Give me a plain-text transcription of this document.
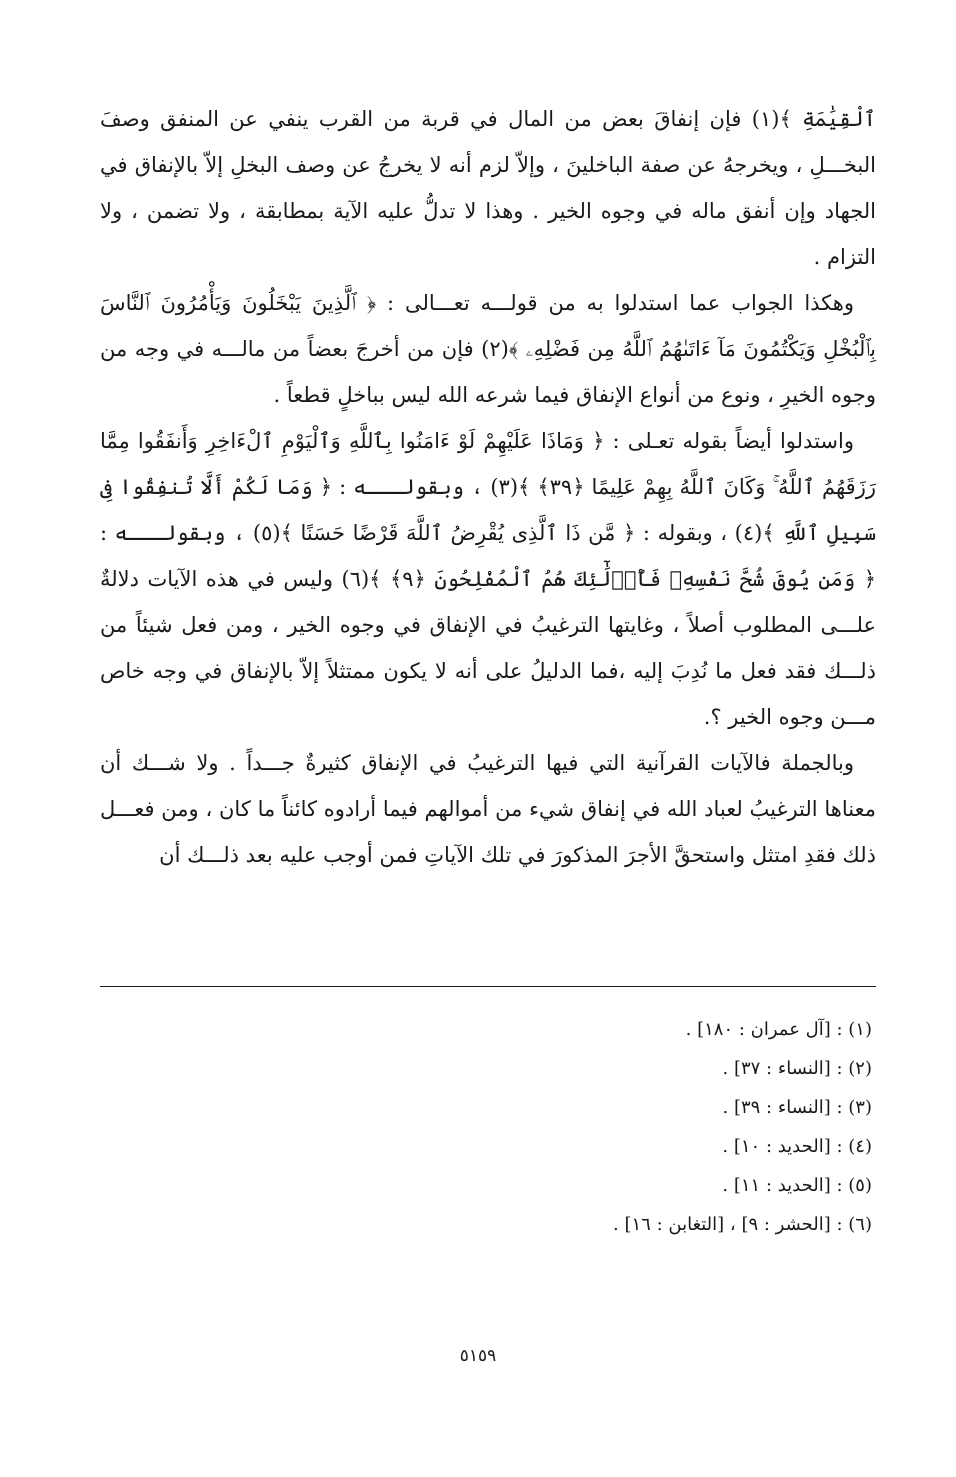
ٱلْقِيَٰمَةِ ﴾(١) فإن إنفاقَ بعض من المال في قربة من القرب ينفي عن المنفق وصفَ البخـــلِ ، ويخرجهُ عن صفة الباخلينَ ، وإلاّ لزم أنه لا يخرجُ عن وصف البخلِ إلاّ بالإنفاق في الجهاد وإن أنفق ماله في وجوه الخير . وهذا لا تدلُّ عليه الآية بمطابقة ، ولا تضمن ، ولا التزام .

وهكذا الجواب عما استدلوا به من قولـــه تعـــالى : ﴿ ٱلَّذِينَ يَبْخَلُونَ وَيَأْمُرُونَ ٱلنَّاسَ بِٱلْبُخْلِ وَيَكْتُمُونَ مَآ ءَاتَىٰهُمُ ٱللَّهُ مِن فَضْلِهِۦ ﴾(٢) فإن من أخرجَ بعضاً من مالـــه في وجه من وجوه الخيرِ ، ونوع من أنواع الإنفاق فيما شرعه الله ليس بباخلٍ قطعاً .

واستدلوا أيضاً بقوله تعـلى : ﴿ وَمَاذَا عَلَيْهِمْ لَوْ ءَامَنُوا بِٱللَّهِ وَٱلْيَوْمِ ٱلْءَاخِرِ وَأَنفَقُوا مِمَّا رَزَقَهُمُ ٱللَّهُ ۚ وَكَانَ ٱللَّهُ بِهِمْ عَلِيمًا ﴿٣٩﴾ ﴾(٣) ، وبقولـــه : ﴿ وَمَا لَكُمْ أَلَّا تُنفِقُوا فِى سَبِيلِ ٱللَّهِ ﴾(٤) ، وبقوله : ﴿ مَّن ذَا ٱلَّذِى يُقْرِضُ ٱللَّهَ قَرْضًا حَسَنًا ﴾(٥) ، وبقولـــه : ﴿ وَمَن يُوقَ شُحَّ نَفْسِهِۦ فَأُو۟لَٰٓئِكَ هُمُ ٱلْمُفْلِحُونَ ﴿٩﴾ ﴾(٦) وليس في هذه الآيات دلالةٌ علـــى المطلوب أصلاً ، وغايتها الترغيبُ في الإنفاق في وجوه الخير ، ومن فعل شيئاً من ذلـــك فقد فعل ما نُدِبَ إليه ،فما الدليلُ على أنه لا يكون ممتثلاً إلاّ بالإنفاق في وجه خاص مـــن وجوه الخير ؟.

وبالجملة فالآيات القرآنية التي فيها الترغيبُ في الإنفاق كثيرةٌ جـــداً . ولا شـــك أن معناها الترغيبُ لعباد الله في إنفاق شيء من أموالهم فيما أرادوه كائناً ما كان ، ومن فعـــل ذلك فقدِ امتثل واستحقَّ الأجرَ المذكورَ في تلك الآياتِ فمن أوجب عليه بعد ذلـــك أن

(١) : [آل عمران : ١٨٠] .

(٢) : [النساء : ٣٧] .

(٣) : [النساء : ٣٩] .

(٤) : [الحديد : ١٠] .

(٥) : [الحديد : ١١] .

(٦) : [الحشر : ٩] ، [التغابن : ١٦] .

٥١٥٩
